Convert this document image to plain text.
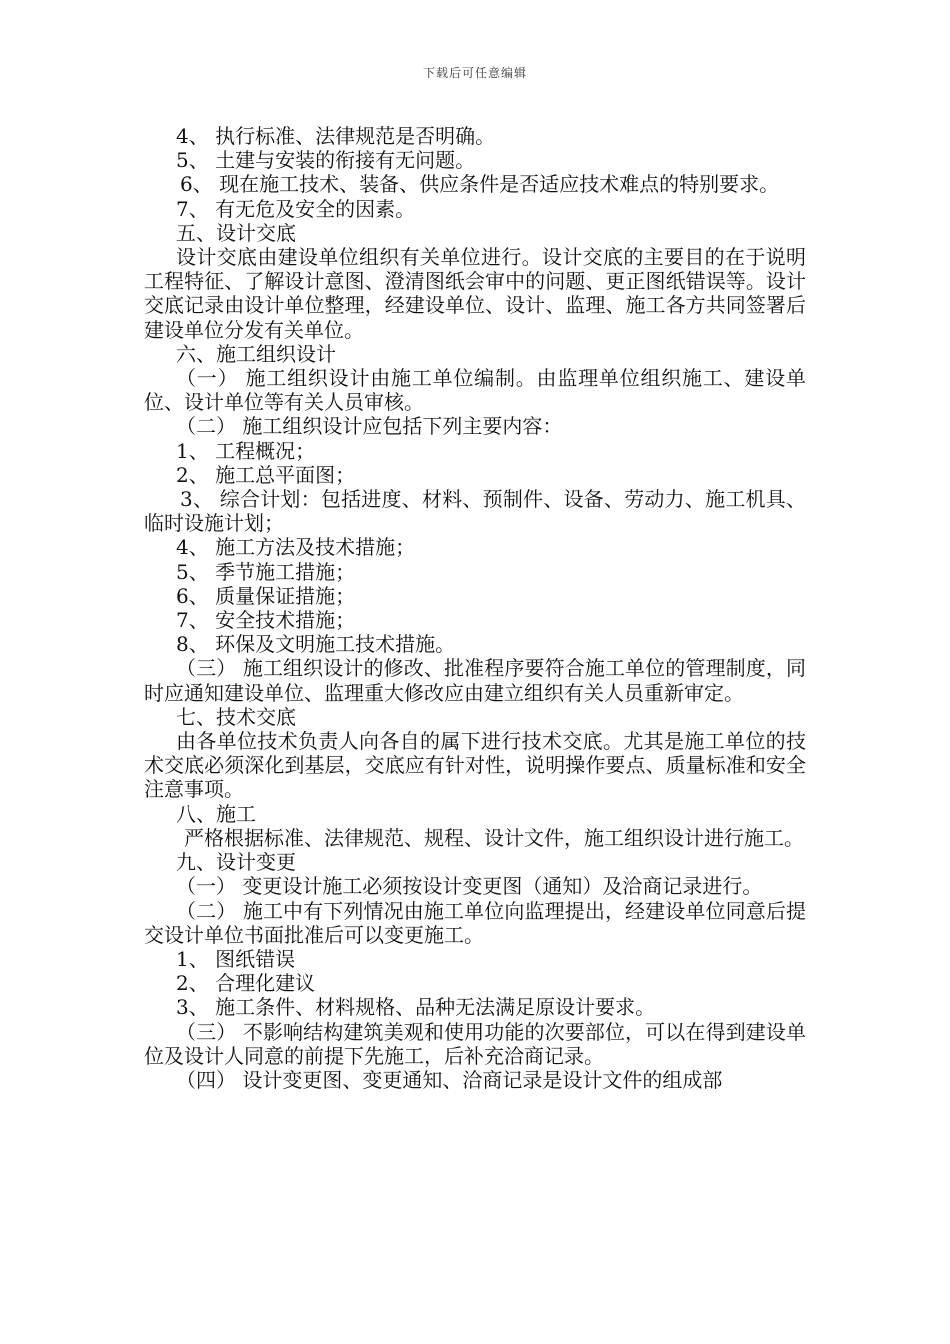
下载后可任意编辑

4、 执行标准、法律规范是否明确。

5、 土建与安装的衔接有无问题。

6、 现在施工技术、装备、供应条件是否适应技术难点的特别要求。

7、 有无危及安全的因素。

五、设计交底

设计交底由建设单位组织有关单位进行。设计交底的主要目的在于说明工程特征、了解设计意图、澄清图纸会审中的问题、更正图纸错误等。设计交底记录由设计单位整理，经建设单位、设计、监理、施工各方共同签署后建设单位分发有关单位。

六、施工组织设计

（一） 施工组织设计由施工单位编制。由监理单位组织施工、建设单位、设计单位等有关人员审核。

（二） 施工组织设计应包括下列主要内容：

1、 工程概况；

2、 施工总平面图；

3、 综合计划：包括进度、材料、预制件、设备、劳动力、施工机具、临时设施计划；

4、 施工方法及技术措施；

5、 季节施工措施；

6、 质量保证措施；

7、 安全技术措施；

8、 环保及文明施工技术措施。

（三） 施工组织设计的修改、批准程序要符合施工单位的管理制度，同时应通知建设单位、监理重大修改应由建立组织有关人员重新审定。

七、技术交底

由各单位技术负责人向各自的属下进行技术交底。尤其是施工单位的技术交底必须深化到基层，交底应有针对性，说明操作要点、质量标准和安全注意事项。

八、施工

严格根据标准、法律规范、规程、设计文件，施工组织设计进行施工。

九、设计变更

（一） 变更设计施工必须按设计变更图（通知）及洽商记录进行。

（二） 施工中有下列情况由施工单位向监理提出，经建设单位同意后提交设计单位书面批准后可以变更施工。

1、 图纸错误

2、 合理化建议

3、 施工条件、材料规格、品种无法满足原设计要求。

（三） 不影响结构建筑美观和使用功能的次要部位，可以在得到建设单位及设计人同意的前提下先施工，后补充洽商记录。

（四） 设计变更图、变更通知、洽商记录是设计文件的组成部
